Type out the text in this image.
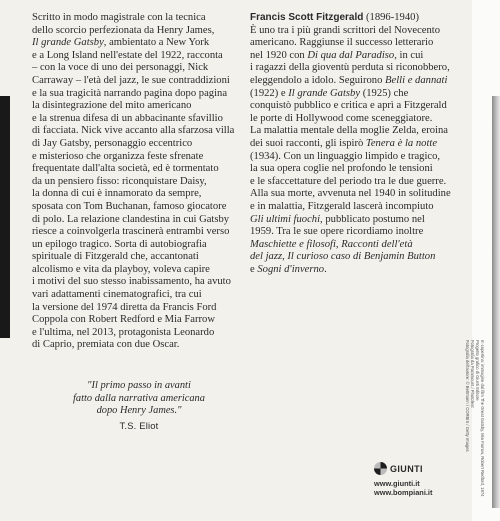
Scritto in modo magistrale con la tecnica
dello scorcio perfezionata da Henry James,
Il grande Gatsby, ambientato a New York
e a Long Island nell'estate del 1922, racconta
– con la voce di uno dei personaggi, Nick
Carraway – l'età del jazz, le sue contraddizioni
e la sua tragicità narrando pagina dopo pagina
la disintegrazione del mito americano
e la strenua difesa di un abbacinante sfavillio
di facciata. Nick vive accanto alla sfarzosa villa
di Jay Gatsby, personaggio eccentrico
e misterioso che organizza feste sfrenate
frequentate dall'alta società, ed è tormentato
da un pensiero fisso: riconquistare Daisy,
la donna di cui è innamorato da sempre,
sposata con Tom Buchanan, famoso giocatore
di polo. La relazione clandestina in cui Gatsby
riesce a coinvolgerla trascinerà entrambi verso
un epilogo tragico. Sorta di autobiografia
spirituale di Fitzgerald che, accantonati
alcolismo e vita da playboy, voleva capire
i motivi del suo stesso inabissamento, ha avuto
vari adattamenti cinematografici, tra cui
la versione del 1974 diretta da Francis Ford
Coppola con Robert Redford e Mia Farrow
e l'ultima, nel 2013, protagonista Leonardo
di Caprio, premiata con due Oscar.

Francis Scott Fitzgerald (1896-1940)
È uno tra i più grandi scrittori del Novecento
americano. Raggiunse il successo letterario
nel 1920 con Di qua dal Paradiso, in cui
i ragazzi della gioventù perduta si riconobbero,
eleggendolo a idolo. Seguirono Belli e dannati
(1922) e Il grande Gatsby (1925) che
conquistò pubblico e critica e aprì a Fitzgerald
le porte di Hollywood come sceneggiatore.
La malattia mentale della moglie Zelda, eroina
dei suoi racconti, gli ispirò Tenera è la notte
(1934). Con un linguaggio limpido e tragico,
la sua opera coglie nel profondo le tensioni
e le sfaccettature del periodo tra le due guerre.
Alla sua morte, avvenuta nel 1940 in solitudine
e in malattia, Fitzgerald lascerà incompiuto
Gli ultimi fuochi, pubblicato postumo nel
1959. Tra le sue opere ricordiamo inoltre
Maschiette e filosofi, Racconti dell'età
del jazz, Il curioso caso di Benjamin Button
e Sogni d'inverno.

"Il primo passo in avanti
fatto dalla narrativa americana
dopo Henry James."
T.S. Eliot
In copertina: immagine dal film The Great Gatsby, Mia Farrow, Robert Redford, 1974
Progetto grafico di Giunti Editore
Fotografia da Paramount / Photofest
Fotografia dell'autore: © Bettmann / CORBIS / Getty Images
GIUNTI
www.giunti.it
www.bompiani.it
